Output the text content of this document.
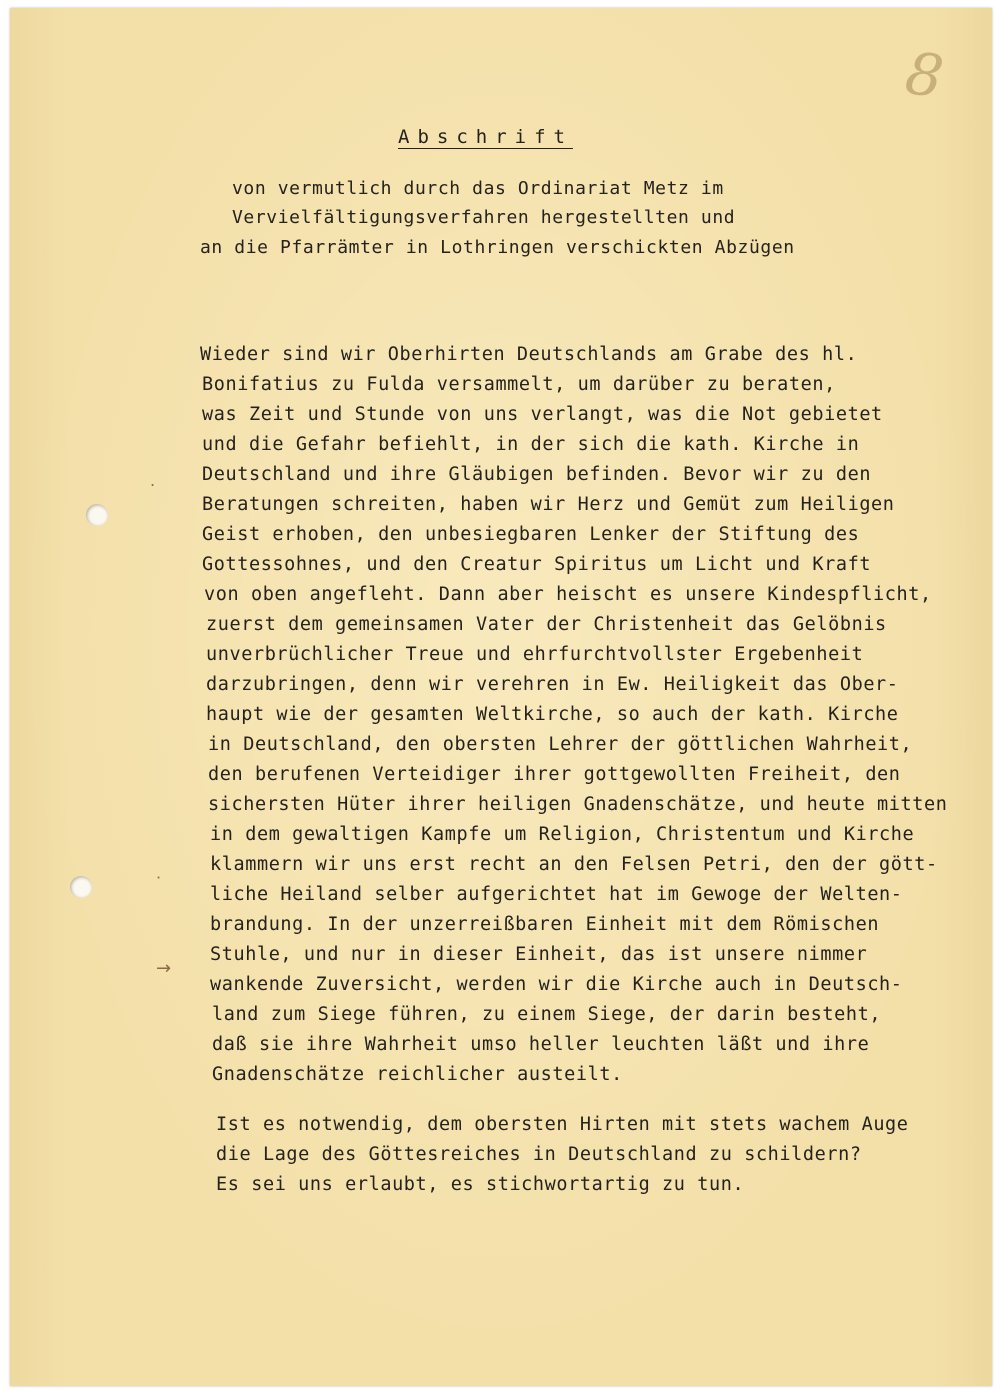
.
·
→
8
Abschrift
von vermutlich durch das Ordinariat Metz im
Vervielfältigungsverfahren hergestellten und
an die Pfarrämter in Lothringen verschickten Abzügen
Wieder sind wir Oberhirten Deutschlands am Grabe des hl.
Bonifatius zu Fulda versammelt, um darüber zu beraten,
was Zeit und Stunde von uns verlangt, was die Not gebietet
und die Gefahr befiehlt, in der sich die kath. Kirche in
Deutschland und ihre Gläubigen befinden. Bevor wir zu den
Beratungen schreiten, haben wir Herz und Gemüt zum Heiligen
Geist erhoben, den unbesiegbaren Lenker der Stiftung des
Gottessohnes, und den Creatur Spiritus um Licht und Kraft
von oben angefleht. Dann aber heischt es unsere Kindespflicht,
zuerst dem gemeinsamen Vater der Christenheit das Gelöbnis
unverbrüchlicher Treue und ehrfurchtvollster Ergebenheit
darzubringen, denn wir verehren in Ew. Heiligkeit das Ober-
haupt wie der gesamten Weltkirche, so auch der kath. Kirche
in Deutschland, den obersten Lehrer der göttlichen Wahrheit,
den berufenen Verteidiger ihrer gottgewollten Freiheit, den
sichersten Hüter ihrer heiligen Gnadenschätze, und heute mitten
in dem gewaltigen Kampfe um Religion, Christentum und Kirche
klammern wir uns erst recht an den Felsen Petri, den der gött-
liche Heiland selber aufgerichtet hat im Gewoge der Welten-
brandung. In der unzerreißbaren Einheit mit dem Römischen
Stuhle, und nur in dieser Einheit, das ist unsere nimmer
wankende Zuversicht, werden wir die Kirche auch in Deutsch-
land zum Siege führen, zu einem Siege, der darin besteht,
daß sie ihre Wahrheit umso heller leuchten läßt und ihre
Gnadenschätze reichlicher austeilt.
Ist es notwendig, dem obersten Hirten mit stets wachem Auge
die Lage des Göttesreiches in Deutschland zu schildern?
Es sei uns erlaubt, es stichwortartig zu tun.
